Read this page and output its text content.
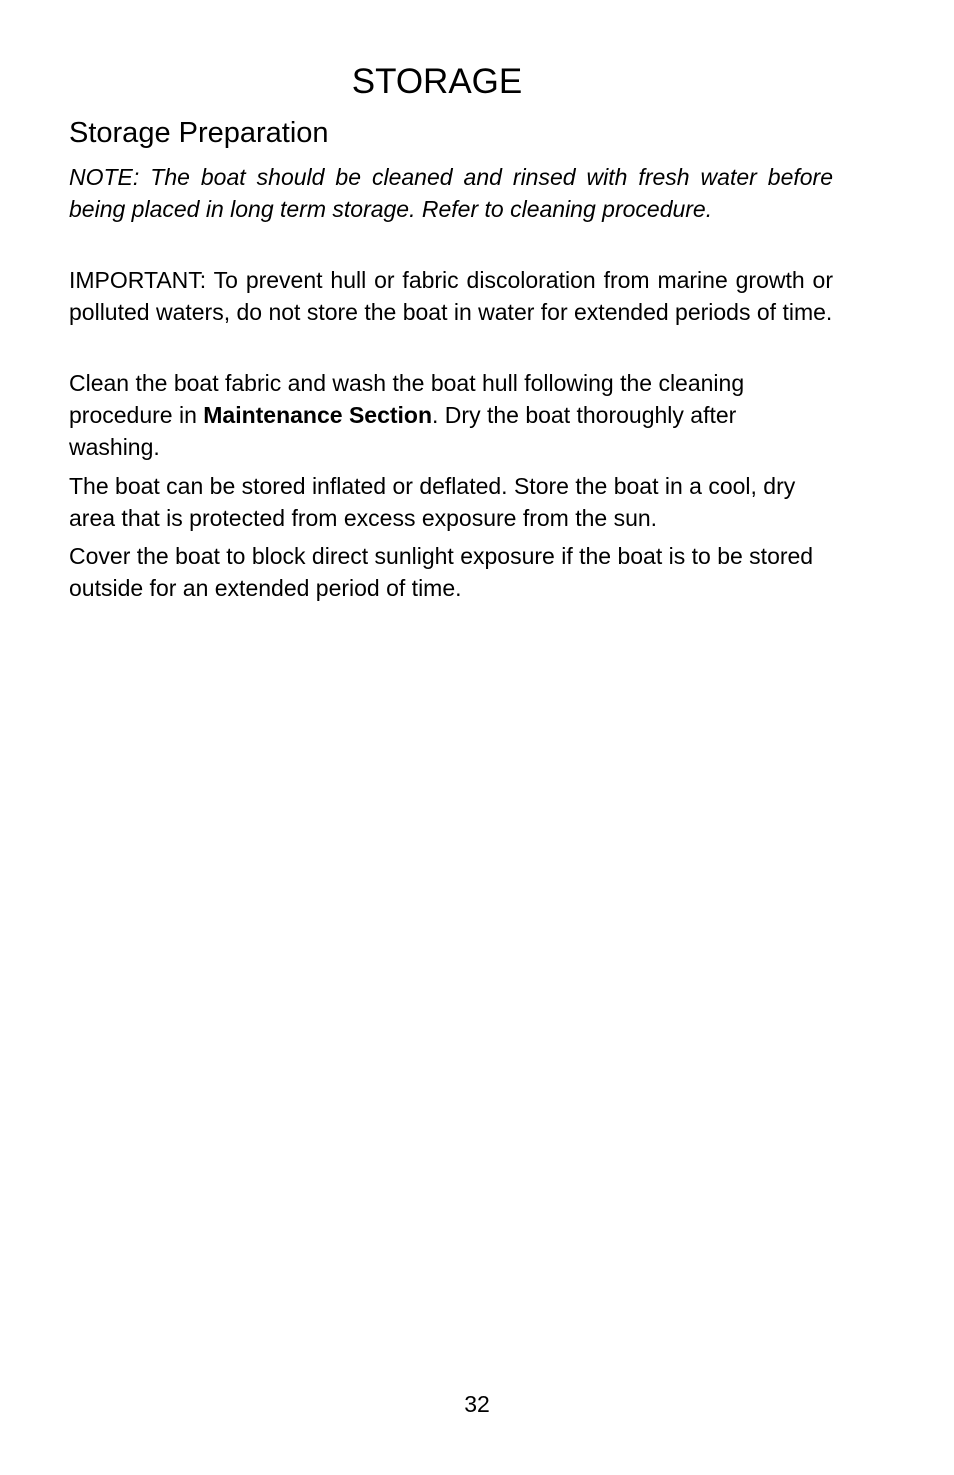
STORAGE
Storage Preparation

NOTE: The boat should be cleaned and rinsed with fresh water before being placed in long term storage. Refer to cleaning procedure.

IMPORTANT: To prevent hull or fabric discoloration from marine growth or polluted waters, do not store the boat in water for extended periods of time.

Clean the boat fabric and wash the boat hull following the cleaning procedure in Maintenance Section. Dry the boat thoroughly after washing.

The boat can be stored inflated or deflated. Store the boat in a cool, dry area that is protected from excess exposure from the sun.

Cover the boat to block direct sunlight exposure if the boat is to be stored outside for an extended period of time.

32
